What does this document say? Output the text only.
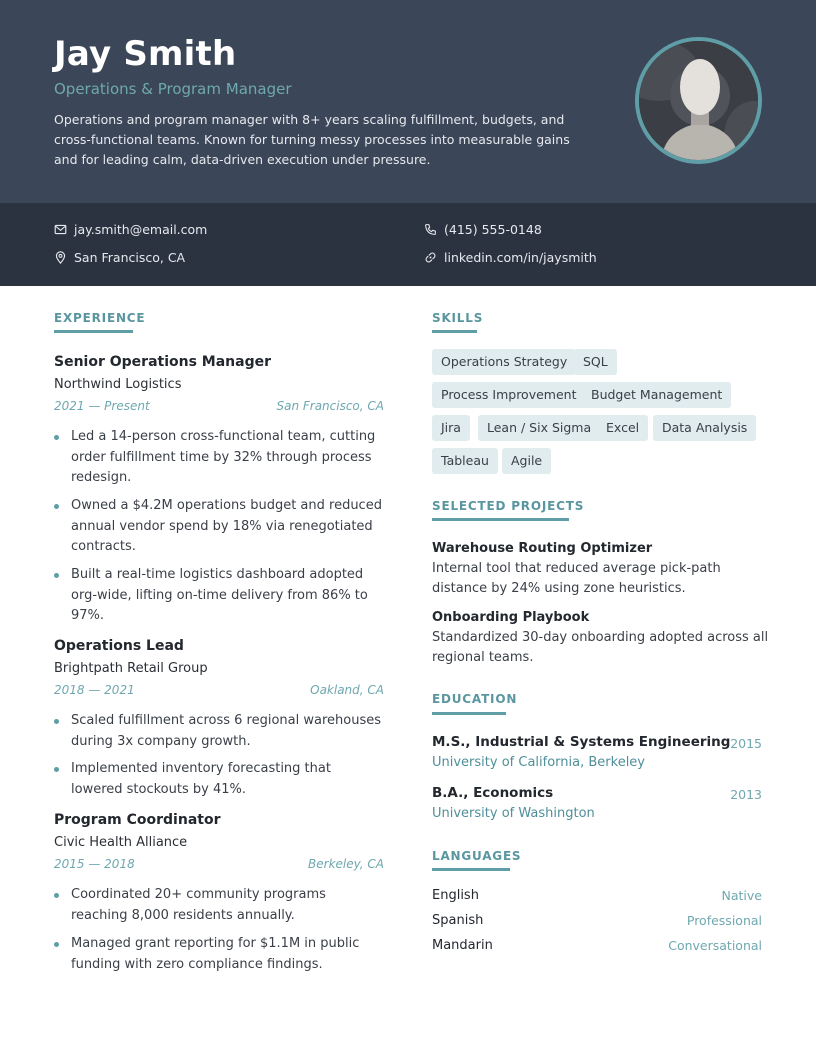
Jay Smith
Operations & Program Manager
Operations and program manager with 8+ years scaling fulfillment, budgets, and cross-functional teams. Known for turning messy processes into measurable gains and for leading calm, data-driven execution under pressure.
jay.smith@email.com	(415) 555-0148
San Francisco, CA	linkedin.com/in/jaysmith
EXPERIENCE
Senior Operations Manager
Northwind Logistics
2021 — Present	San Francisco, CA
Led a 14-person cross-functional team, cutting order fulfillment time by 32% through process redesign.
Owned a $4.2M operations budget and reduced annual vendor spend by 18% via renegotiated contracts.
Built a real-time logistics dashboard adopted org-wide, lifting on-time delivery from 86% to 97%.
Operations Lead
Brightpath Retail Group
2018 — 2021	Oakland, CA
Scaled fulfillment across 6 regional warehouses during 3x company growth.
Implemented inventory forecasting that lowered stockouts by 41%.
Program Coordinator
Civic Health Alliance
2015 — 2018	Berkeley, CA
Coordinated 20+ community programs reaching 8,000 residents annually.
Managed grant reporting for $1.1M in public funding with zero compliance findings.
SKILLS
Operations Strategy	SQL
Process Improvement	Budget Management
Jira	Lean / Six Sigma	Excel	Data Analysis
Tableau	Agile
SELECTED PROJECTS
Warehouse Routing Optimizer
Internal tool that reduced average pick-path distance by 24% using zone heuristics.
Onboarding Playbook
Standardized 30-day onboarding adopted across all regional teams.
EDUCATION
M.S., Industrial & Systems Engineering 2015
University of California, Berkeley
B.A., Economics	2013
University of Washington
LANGUAGES
English	Native
Spanish	Professional
Mandarin	Conversational
